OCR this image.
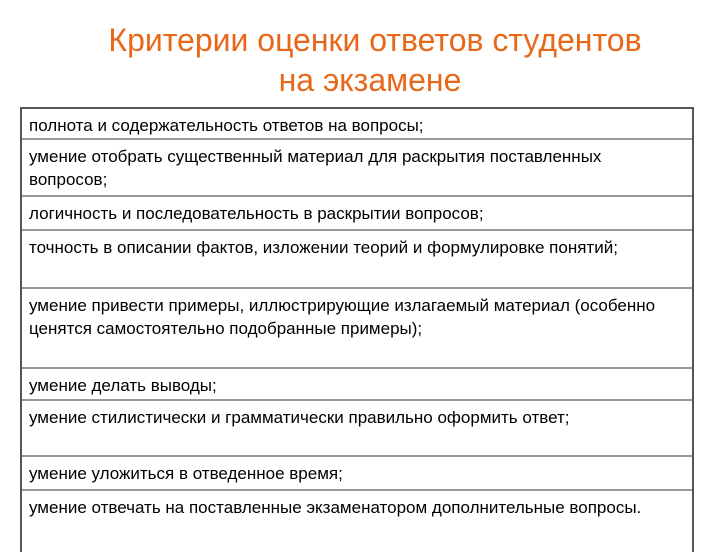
Критерии оценки ответов студентов
на экзамене
полнота и содержательность ответов на вопросы;
умение отобрать существенный материал для раскрытия поставленных вопросов;
логичность и последовательность в раскрытии вопросов;
точность в описании фактов, изложении теорий и формулировке понятий;
умение привести примеры, иллюстрирующие излагаемый материал (особенно ценятся самостоятельно подобранные примеры);
умение делать выводы;
умение стилистически и грамматически правильно оформить ответ;
умение уложиться в отведенное время;
умение отвечать на поставленные экзаменатором дополнительные вопросы.
